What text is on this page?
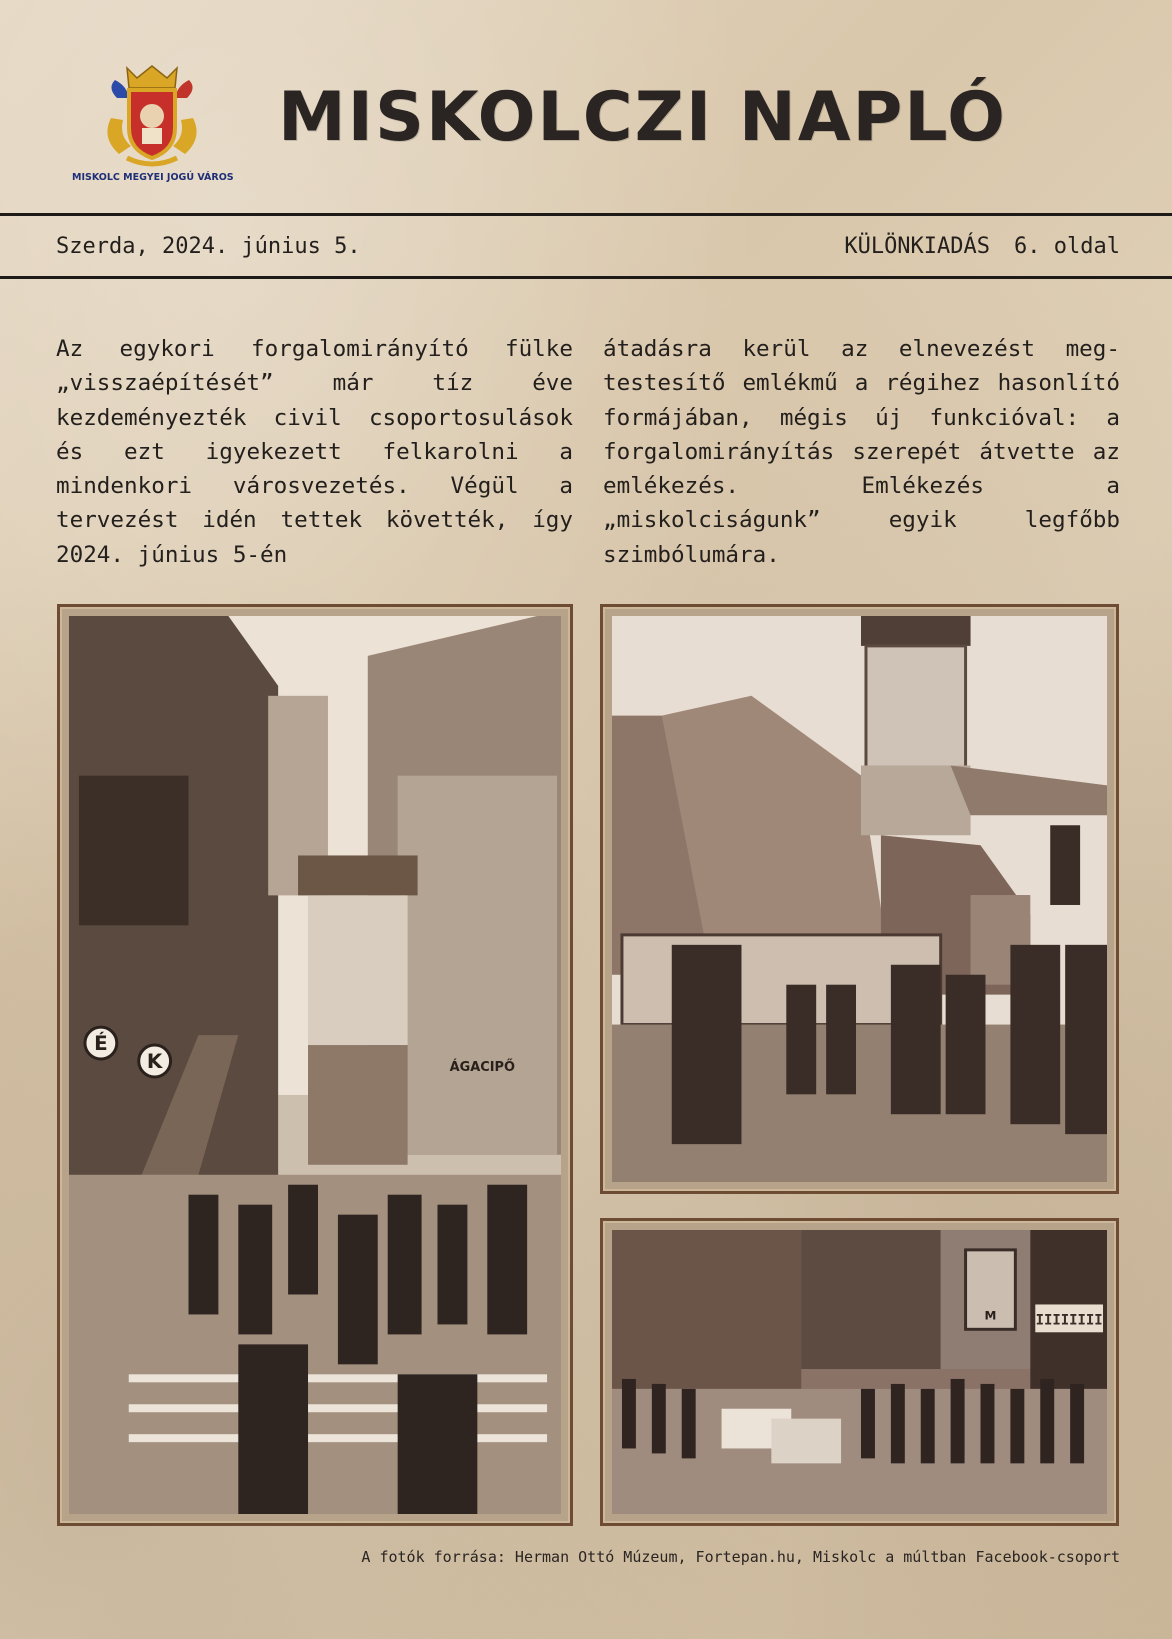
MISKOLC MEGYEI JOGÚ VÁROS
MISKOLCZI NAPLÓ
Szerda, 2024. június 5.	KÜLÖNKIADÁS 6. oldal
Az egykori forgalomirányító fülke „visszaépítését” már tíz éve kezdeményezték civil csoportosulások és ezt igyekezett felkarolni a mindenkori városvezetés. Végül a tervezést idén tettek követték, így 2024. június 5-én
átadásra kerül az elnevezést megtestesítő emlékmű a régihez hasonlító formájában, mégis új funkcióval: a forgalomirányítás szerepét átvette az emlékezés. Emlékezés a „miskolciságunk” egyik legfőbb szimbólumára.
É
K	ÁGACIPŐ
M	IIIIIIII
A fotók forrása: Herman Ottó Múzeum, Fortepan.hu, Miskolc a múltban Facebook-csoport
